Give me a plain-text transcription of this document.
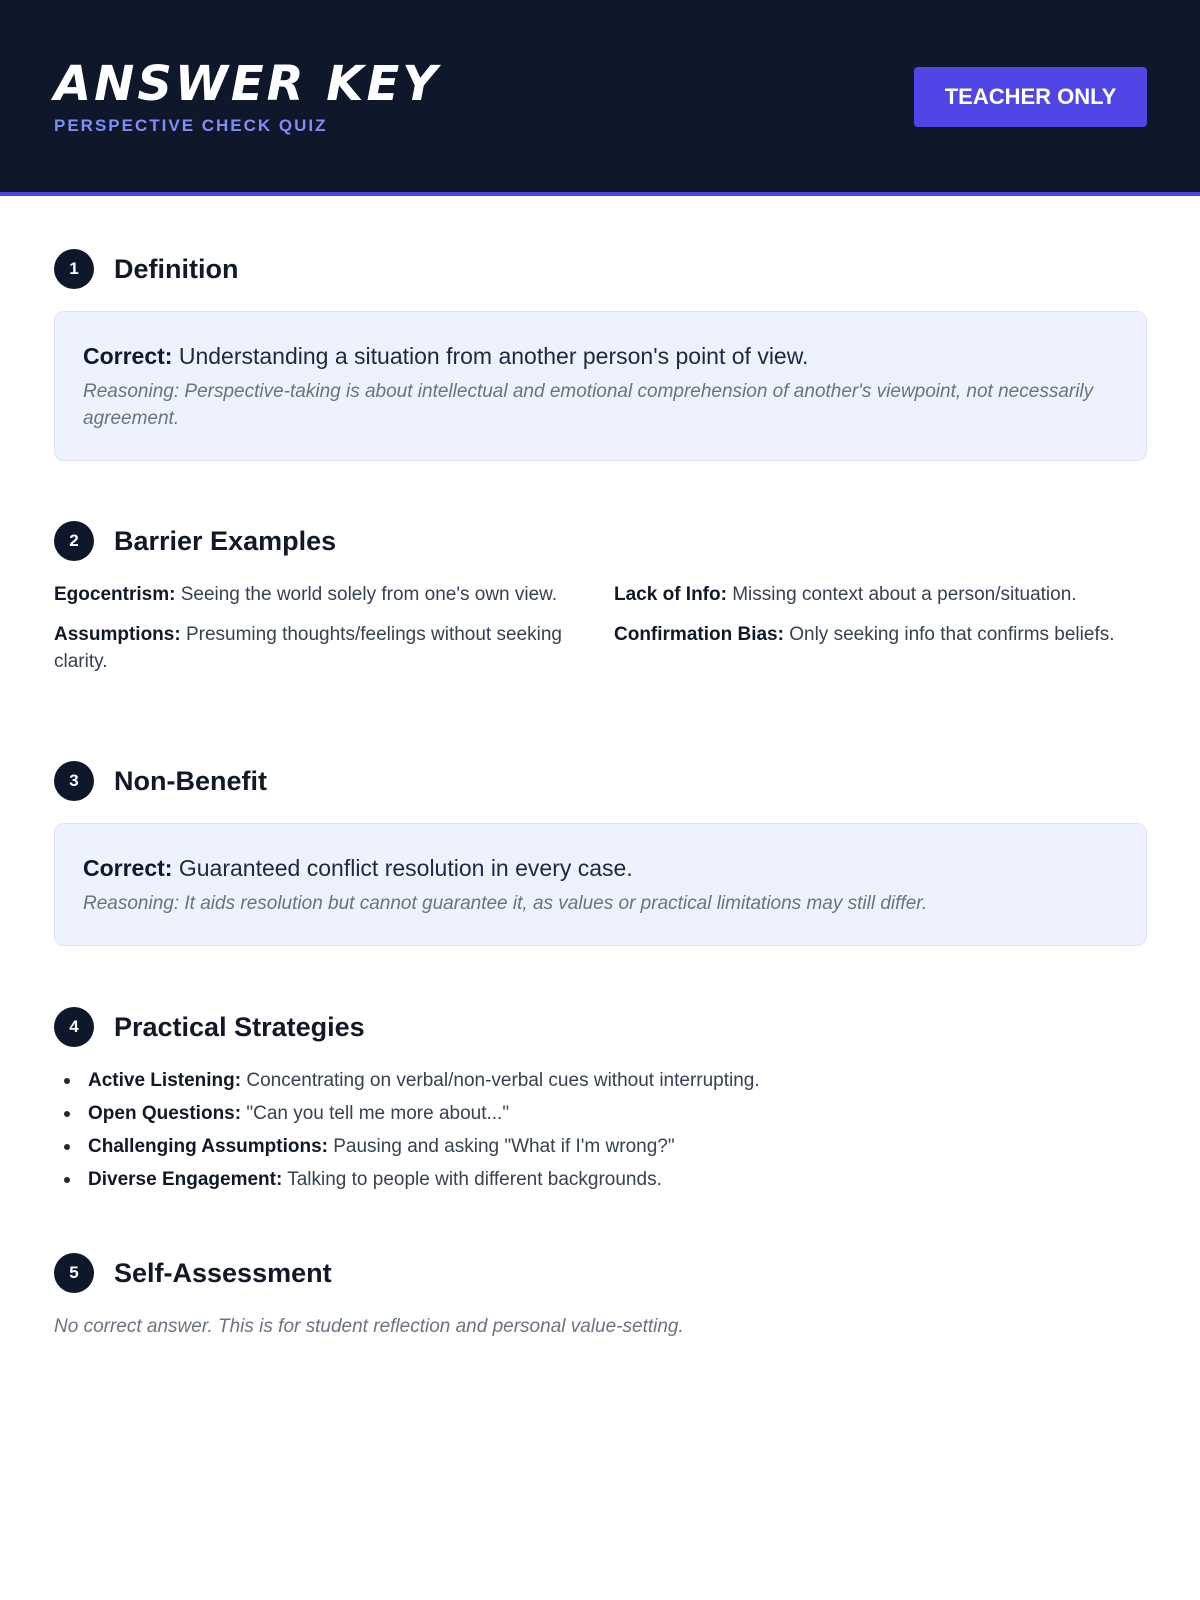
ANSWER KEY
PERSPECTIVE CHECK QUIZ
TEACHER ONLY
1	Definition
Correct: Understanding a situation from another person's point of view.
Reasoning: Perspective-taking is about intellectual and emotional comprehension of another's viewpoint, not necessarily agreement.
2	Barrier Examples
Egocentrism: Seeing the world solely from one's own view.
Assumptions: Presuming thoughts/feelings without seeking clarity.
Lack of Info: Missing context about a person/situation.
Confirmation Bias: Only seeking info that confirms beliefs.
3	Non-Benefit
Correct: Guaranteed conflict resolution in every case.
Reasoning: It aids resolution but cannot guarantee it, as values or practical limitations may still differ.
4	Practical Strategies
Active Listening: Concentrating on verbal/non-verbal cues without interrupting.
Open Questions: "Can you tell me more about..."
Challenging Assumptions: Pausing and asking "What if I'm wrong?"
Diverse Engagement: Talking to people with different backgrounds.
5	Self-Assessment
No correct answer. This is for student reflection and personal value-setting.
